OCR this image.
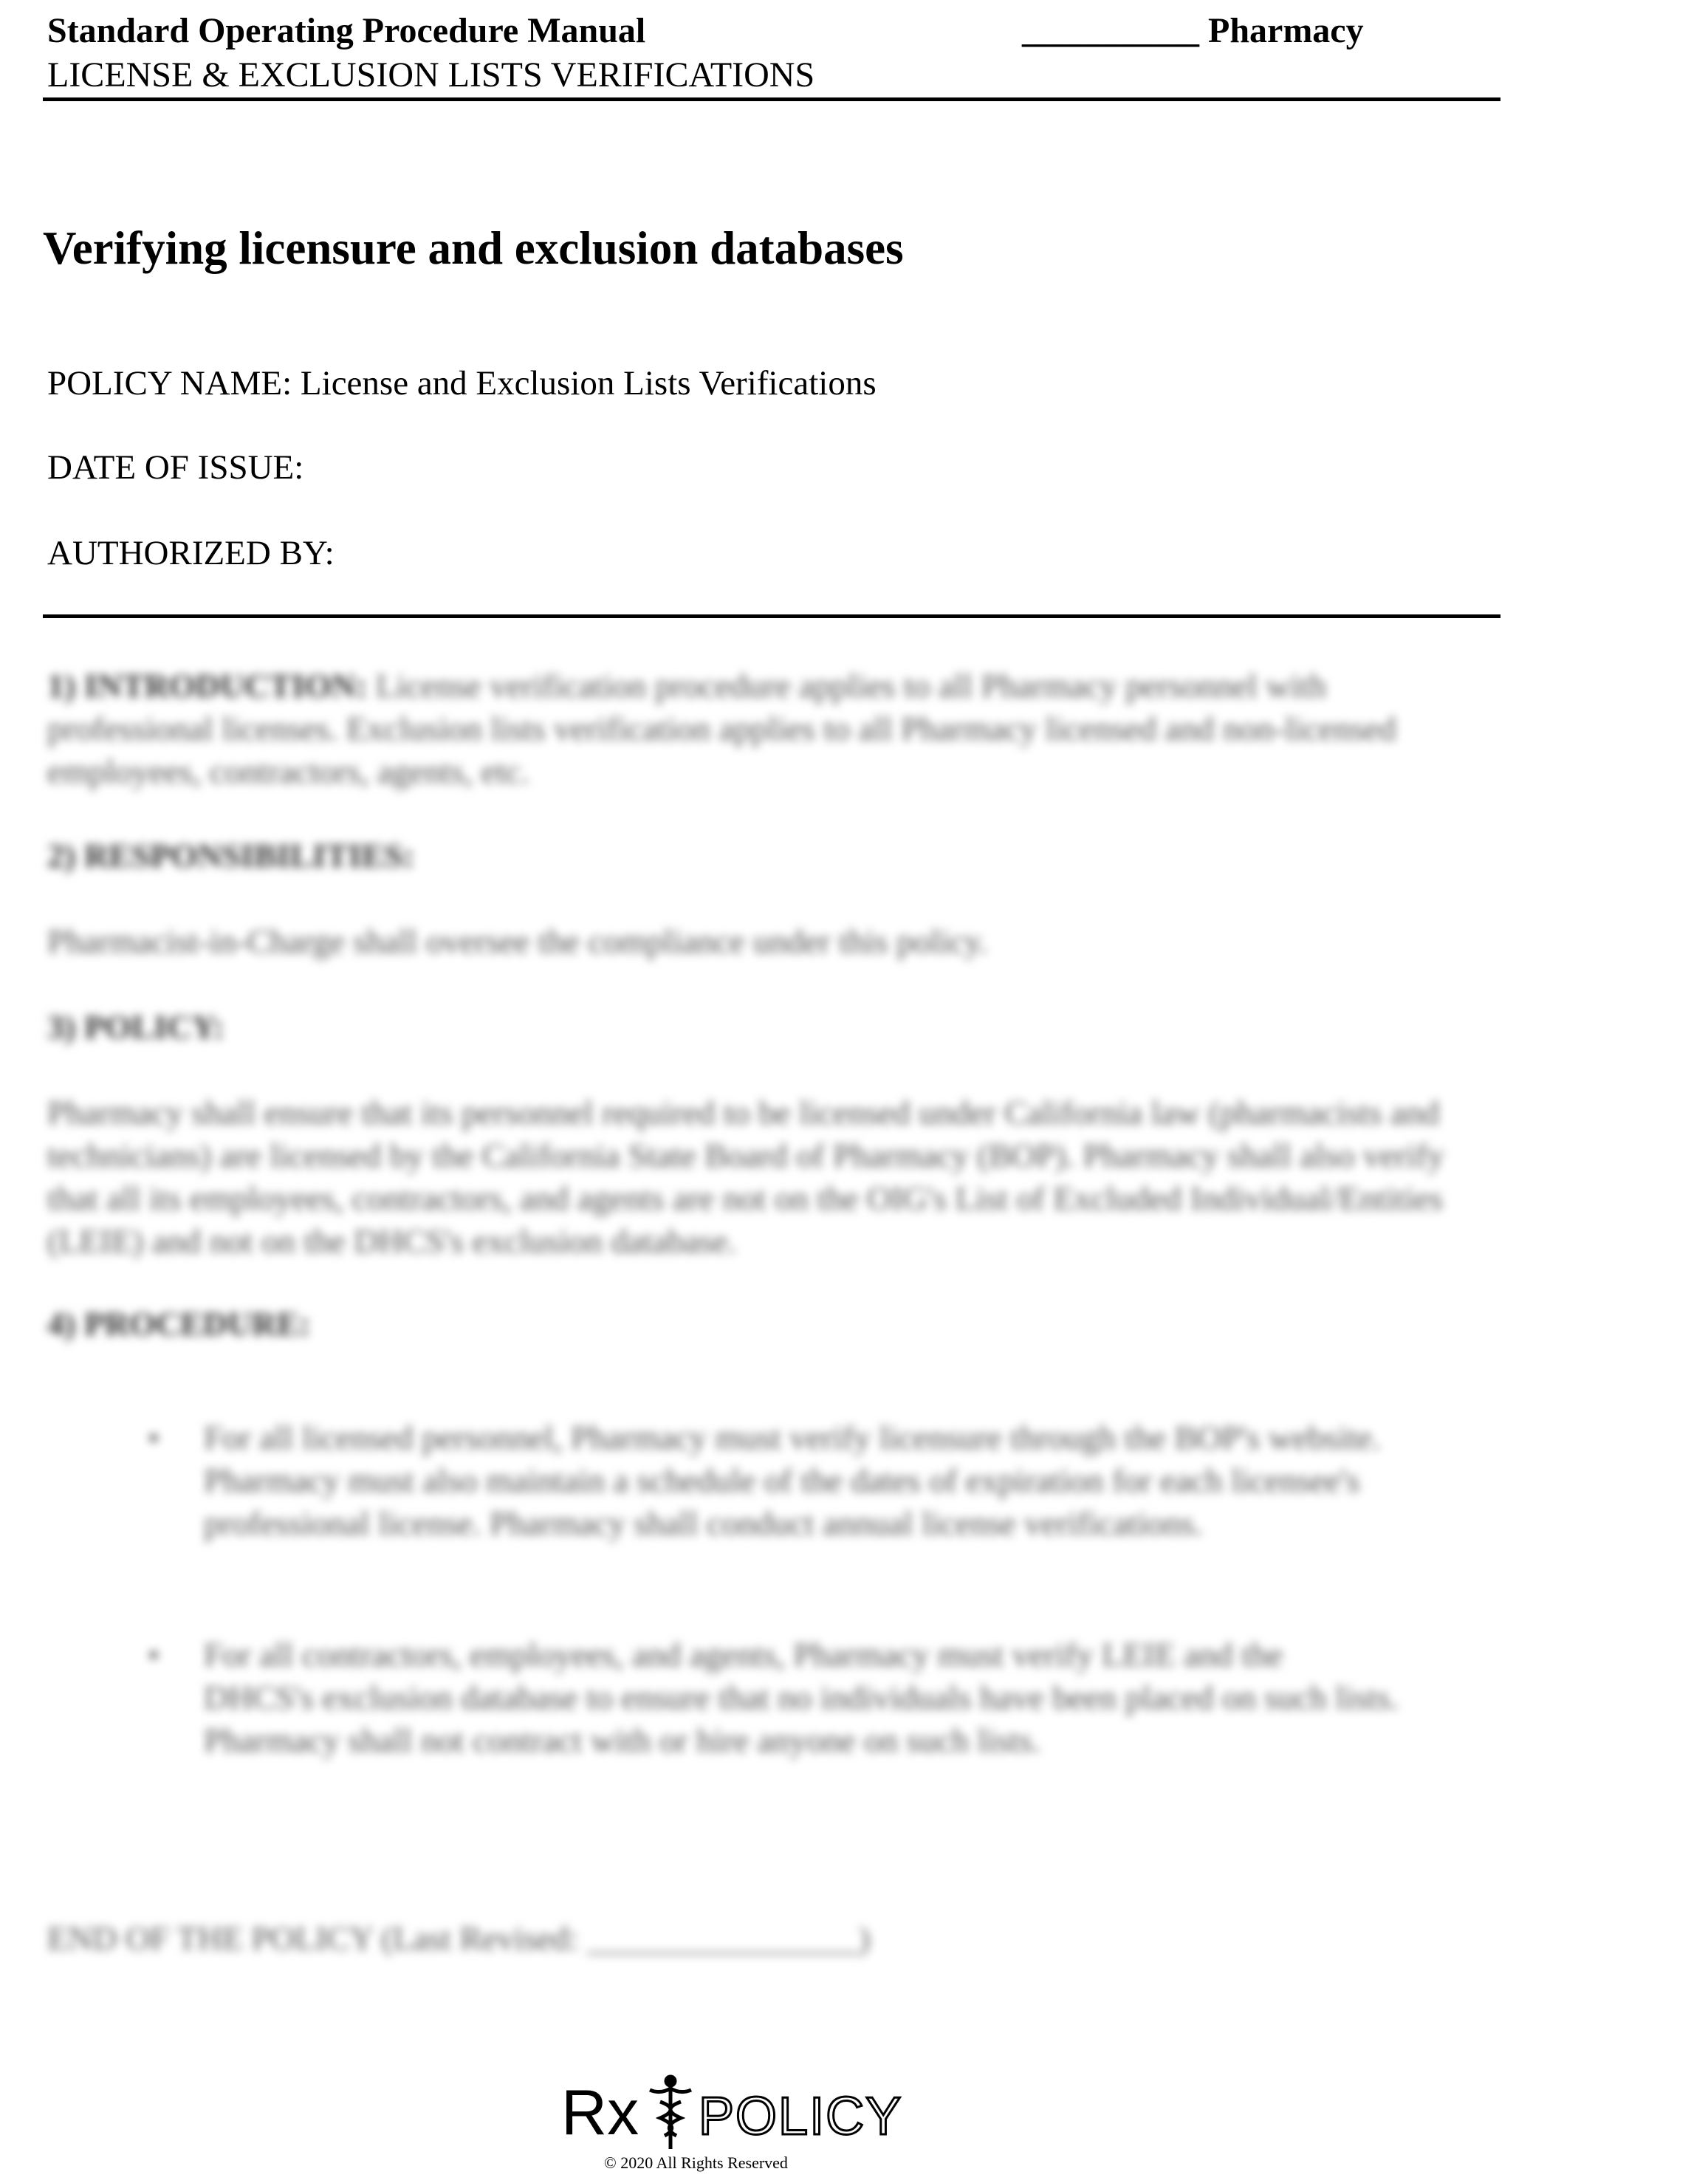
Standard Operating Procedure Manual
LICENSE & EXCLUSION LISTS VERIFICATIONS
__________ Pharmacy
Verifying licensure and exclusion databases
POLICY NAME: License and Exclusion Lists Verifications
DATE OF ISSUE:
AUTHORIZED BY:
1) INTRODUCTION: License verification procedure applies to all Pharmacy personnel with professional licenses. Exclusion lists verification applies to all Pharmacy licensed and non-licensed employees, contractors, agents, etc.
2) RESPONSIBILITIES:
Pharmacist-in-Charge shall oversee the compliance under this policy.
3) POLICY:
Pharmacy shall ensure that its personnel required to be licensed under California law (pharmacists and technicians) are licensed by the California State Board of Pharmacy (BOP). Pharmacy shall also verify that all its employees, contractors, and agents are not on the OIG's List of Excluded Individual/Entities (LEIE) and not on the DHCS's exclusion database.
4) PROCEDURE:
•	For all licensed personnel, Pharmacy must verify licensure through the BOP's website. Pharmacy must also maintain a schedule of the dates of expiration for each licensee's professional license. Pharmacy shall conduct annual license verifications.
•	For all contractors, employees, and agents, Pharmacy must verify LEIE and the DHCS's exclusion database to ensure that no individuals have been placed on such lists. Pharmacy shall not contract with or hire anyone on such lists.
END OF THE POLICY (Last Revised: ________________)
Rx POLICY
© 2020 All Rights Reserved
